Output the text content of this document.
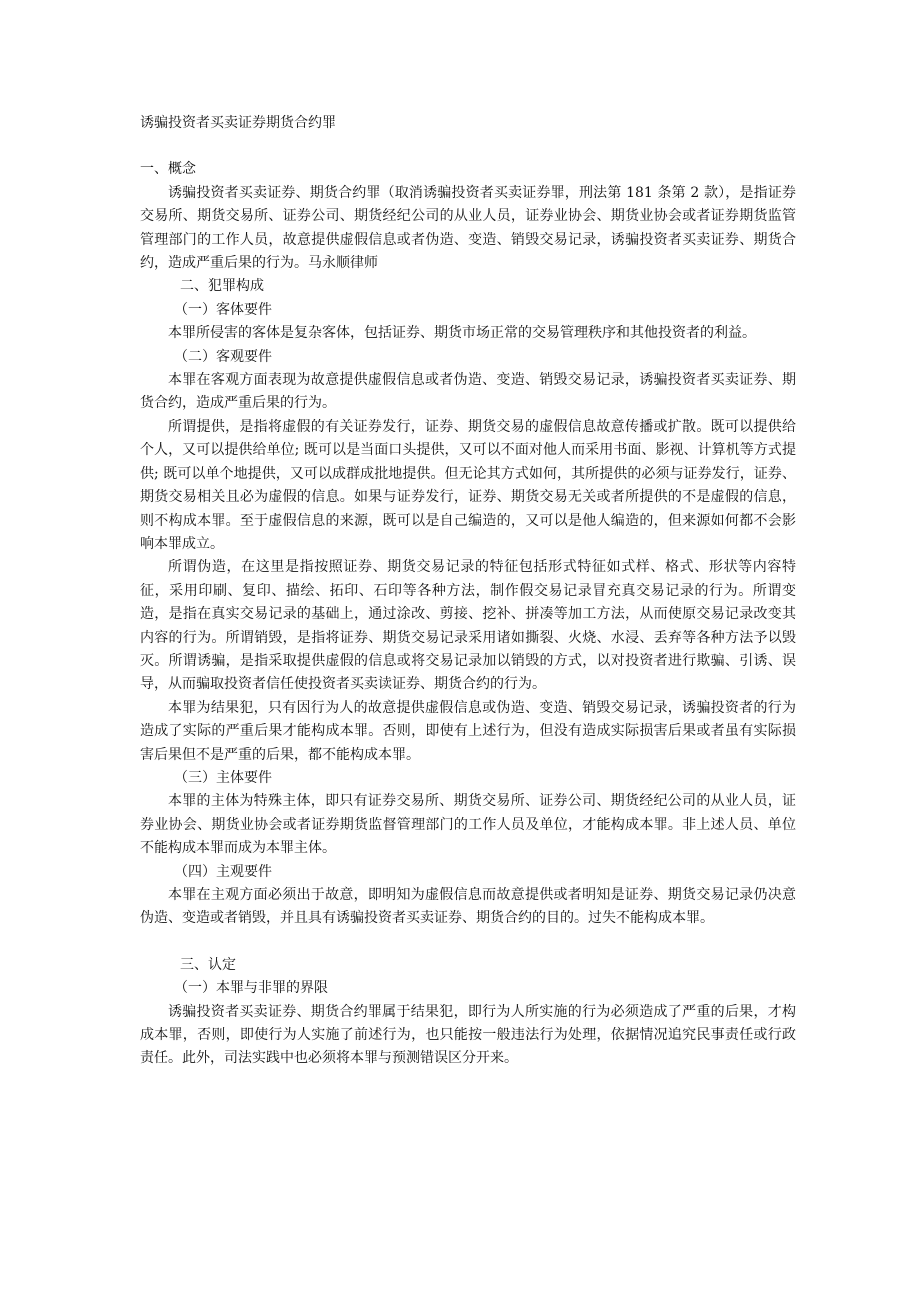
诱骗投资者买卖证券期货合约罪

一、概念

诱骗投资者买卖证券、期货合约罪（取消诱骗投资者买卖证券罪，刑法第 181 条第 2 款），是指证券交易所、期货交易所、证券公司、期货经纪公司的从业人员，证券业协会、期货业协会或者证券期货监管管理部门的工作人员，故意提供虚假信息或者伪造、变造、销毁交易记录，诱骗投资者买卖证券、期货合约，造成严重后果的行为。马永顺律师

二、犯罪构成

（一）客体要件

本罪所侵害的客体是复杂客体，包括证券、期货市场正常的交易管理秩序和其他投资者的利益。

（二）客观要件

本罪在客观方面表现为故意提供虚假信息或者伪造、变造、销毁交易记录，诱骗投资者买卖证券、期货合约，造成严重后果的行为。

所谓提供，是指将虚假的有关证券发行，证券、期货交易的虚假信息故意传播或扩散。既可以提供给个人，又可以提供给单位; 既可以是当面口头提供，又可以不面对他人而采用书面、影视、计算机等方式提供; 既可以单个地提供，又可以成群成批地提供。但无论其方式如何，其所提供的必须与证券发行，证券、期货交易相关且必为虚假的信息。如果与证券发行，证券、期货交易无关或者所提供的不是虚假的信息，则不构成本罪。至于虚假信息的来源，既可以是自己编造的，又可以是他人编造的，但来源如何都不会影响本罪成立。

所谓伪造，在这里是指按照证券、期货交易记录的特征包括形式特征如式样、格式、形状等内容特征，采用印刷、复印、描绘、拓印、石印等各种方法，制作假交易记录冒充真交易记录的行为。所谓变造，是指在真实交易记录的基础上，通过涂改、剪接、挖补、拼凑等加工方法，从而使原交易记录改变其内容的行为。所谓销毁，是指将证券、期货交易记录采用诸如撕裂、火烧、水浸、丢弃等各种方法予以毁灭。所谓诱骗，是指采取提供虚假的信息或将交易记录加以销毁的方式，以对投资者进行欺骗、引诱、误导，从而骗取投资者信任使投资者买卖读证券、期货合约的行为。

本罪为结果犯，只有因行为人的故意提供虚假信息或伪造、变造、销毁交易记录，诱骗投资者的行为造成了实际的严重后果才能构成本罪。否则，即使有上述行为，但没有造成实际损害后果或者虽有实际损害后果但不是严重的后果，都不能构成本罪。

（三）主体要件

本罪的主体为特殊主体，即只有证券交易所、期货交易所、证券公司、期货经纪公司的从业人员，证券业协会、期货业协会或者证券期货监督管理部门的工作人员及单位，才能构成本罪。非上述人员、单位不能构成本罪而成为本罪主体。

（四）主观要件

本罪在主观方面必须出于故意，即明知为虚假信息而故意提供或者明知是证券、期货交易记录仍决意伪造、变造或者销毁，并且具有诱骗投资者买卖证券、期货合约的目的。过失不能构成本罪。

三、认定

（一）本罪与非罪的界限

诱骗投资者买卖证券、期货合约罪属于结果犯，即行为人所实施的行为必须造成了严重的后果，才构成本罪，否则，即使行为人实施了前述行为，也只能按一般违法行为处理，依据情况追究民事责任或行政责任。此外，司法实践中也必须将本罪与预测错误区分开来。
